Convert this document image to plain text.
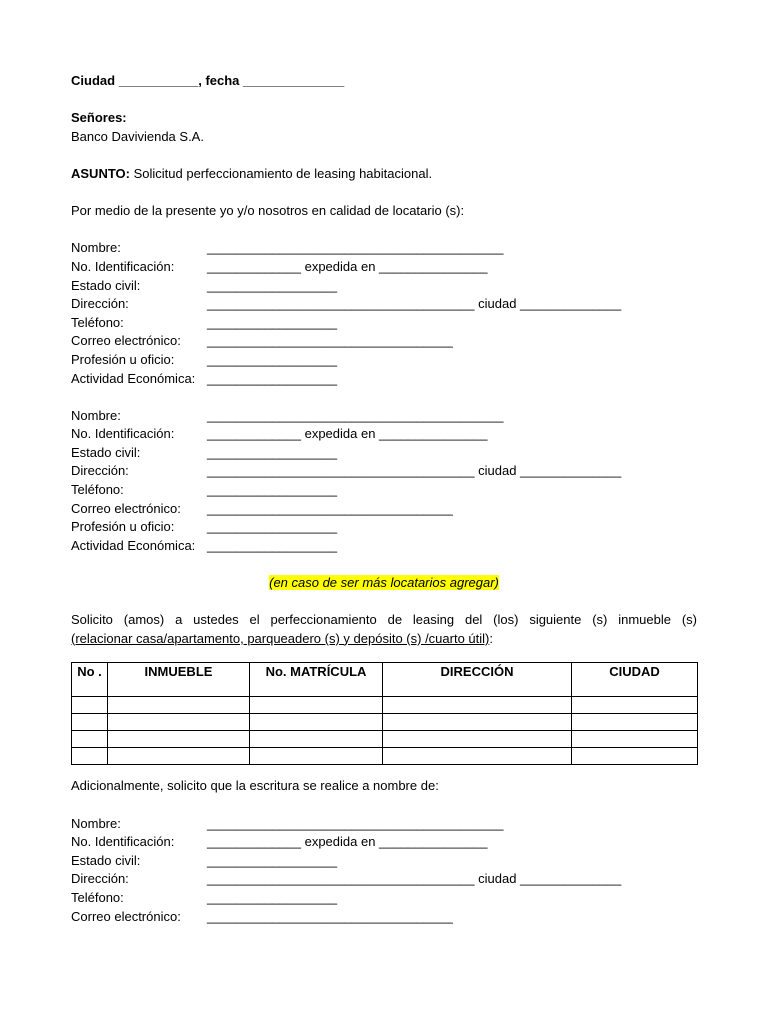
Ciudad ___________, fecha ______________
Señores:
Banco Davivienda S.A.
ASUNTO: Solicitud perfeccionamiento de leasing habitacional.
Por medio de la presente yo y/o nosotros en calidad de locatario (s):
Nombre:	_________________________________________
No. Identificación:	_____________ expedida en _______________
Estado civil:	__________________
Dirección:	_____________________________________ ciudad ______________
Teléfono:	__________________
Correo electrónico: __________________________________
Profesión u oficio:	__________________
Actividad Económica: __________________
Nombre:	_________________________________________
No. Identificación:	_____________ expedida en _______________
Estado civil:	__________________
Dirección:	_____________________________________ ciudad ______________
Teléfono:	__________________
Correo electrónico: __________________________________
Profesión u oficio:	__________________
Actividad Económica: __________________
(en caso de ser más locatarios agregar)
Solicito (amos) a ustedes el perfeccionamiento de leasing del (los) siguiente (s) inmueble (s)
(relacionar casa/apartamento, parqueadero (s) y depósito (s) /cuarto útil):
No .	INMUEBLE	No. MATRÍCULA	DIRECCIÓN	CIUDAD

Adicionalmente, solicito que la escritura se realice a nombre de:
Nombre:	_________________________________________
No. Identificación:	_____________ expedida en _______________
Estado civil:	__________________
Dirección:	_____________________________________ ciudad ______________
Teléfono:	__________________
Correo electrónico: __________________________________
